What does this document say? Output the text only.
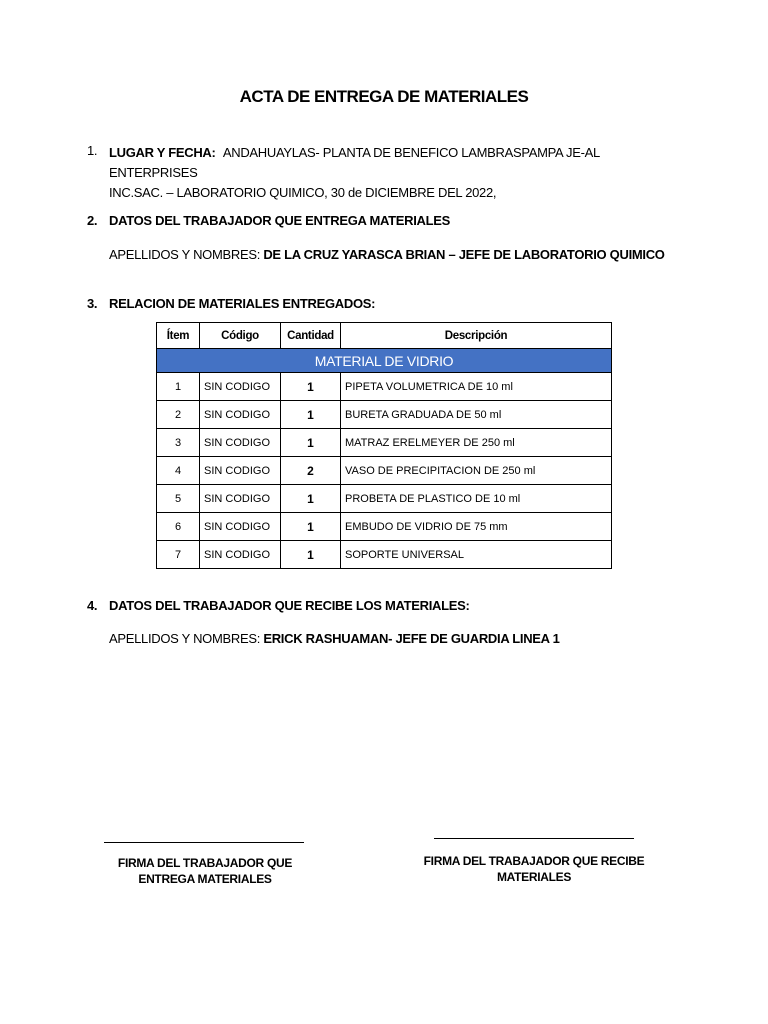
ACTA DE ENTREGA DE MATERIALES
1. LUGAR Y FECHA: ANDAHUAYLAS- PLANTA DE BENEFICO LAMBRASPAMPA JE-AL ENTERPRISES
INC.SAC. – LABORATORIO QUIMICO, 30 de DICIEMBRE DEL 2022,
2. DATOS DEL TRABAJADOR QUE ENTREGA MATERIALES
APELLIDOS Y NOMBRES: DE LA CRUZ YARASCA BRIAN – JEFE DE LABORATORIO QUIMICO
3. RELACION DE MATERIALES ENTREGADOS:
Ítem	Código	Cantidad	Descripción
MATERIAL DE VIDRIO			
1	SIN CODIGO	1	PIPETA VOLUMETRICA DE 10 ml
2	SIN CODIGO	1	BURETA GRADUADA DE 50 ml
3	SIN CODIGO	1	MATRAZ ERELMEYER DE 250 ml
4	SIN CODIGO	2	VASO DE PRECIPITACION DE 250 ml
5	SIN CODIGO	1	PROBETA DE PLASTICO DE 10 ml
6	SIN CODIGO	1	EMBUDO DE VIDRIO DE 75 mm
7	SIN CODIGO	1	SOPORTE UNIVERSAL
4. DATOS DEL TRABAJADOR QUE RECIBE LOS MATERIALES:
APELLIDOS Y NOMBRES: ERICK RASHUAMAN- JEFE DE GUARDIA LINEA 1
FIRMA DEL TRABAJADOR QUE
ENTREGA MATERIALES
FIRMA DEL TRABAJADOR QUE RECIBE
MATERIALES
